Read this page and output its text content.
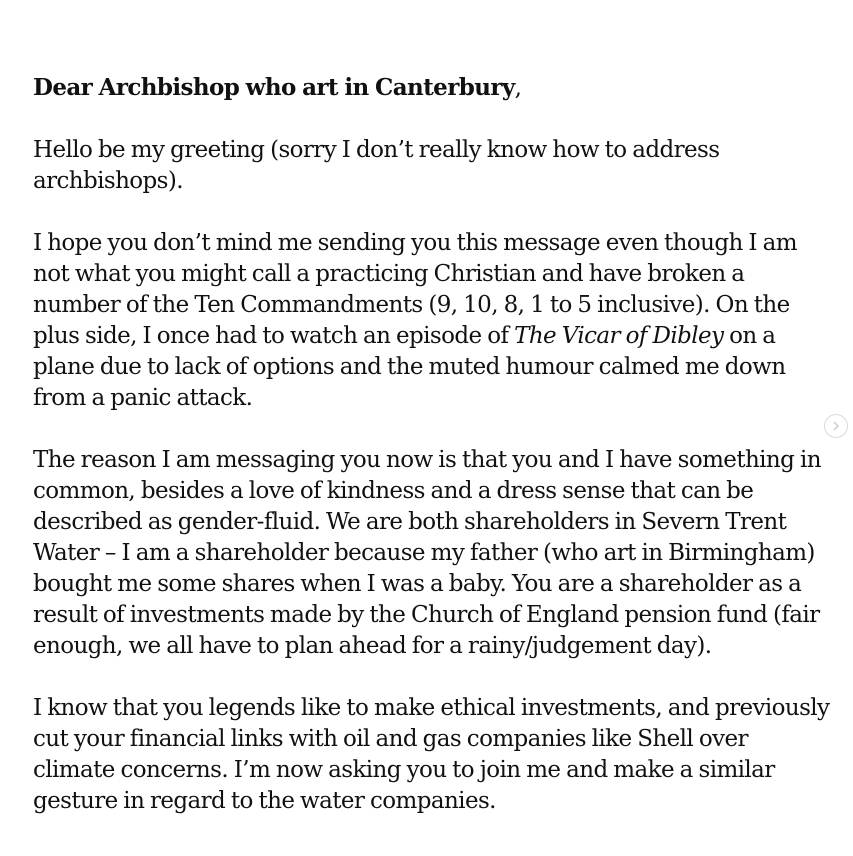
Dear Archbishop who art in Canterbury,

Hello be my greeting (sorry I don’t really know how to address archbishops).

I hope you don’t mind me sending you this message even though I am not what you might call a practicing Christian and have broken a number of the Ten Commandments (9, 10, 8, 1 to 5 inclusive). On the plus side, I once had to watch an episode of The Vicar of Dibley on a plane due to lack of options and the muted humour calmed me down from a panic attack.

The reason I am messaging you now is that you and I have something in common, besides a love of kindness and a dress sense that can be described as gender-fluid. We are both shareholders in Severn Trent Water – I am a shareholder because my father (who art in Birmingham) bought me some shares when I was a baby. You are a shareholder as a result of investments made by the Church of England pension fund (fair enough, we all have to plan ahead for a rainy/judgement day).

I know that you legends like to make ethical investments, and previously cut your financial links with oil and gas companies like Shell over climate concerns. I’m now asking you to join me and make a similar gesture in regard to the water companies.
